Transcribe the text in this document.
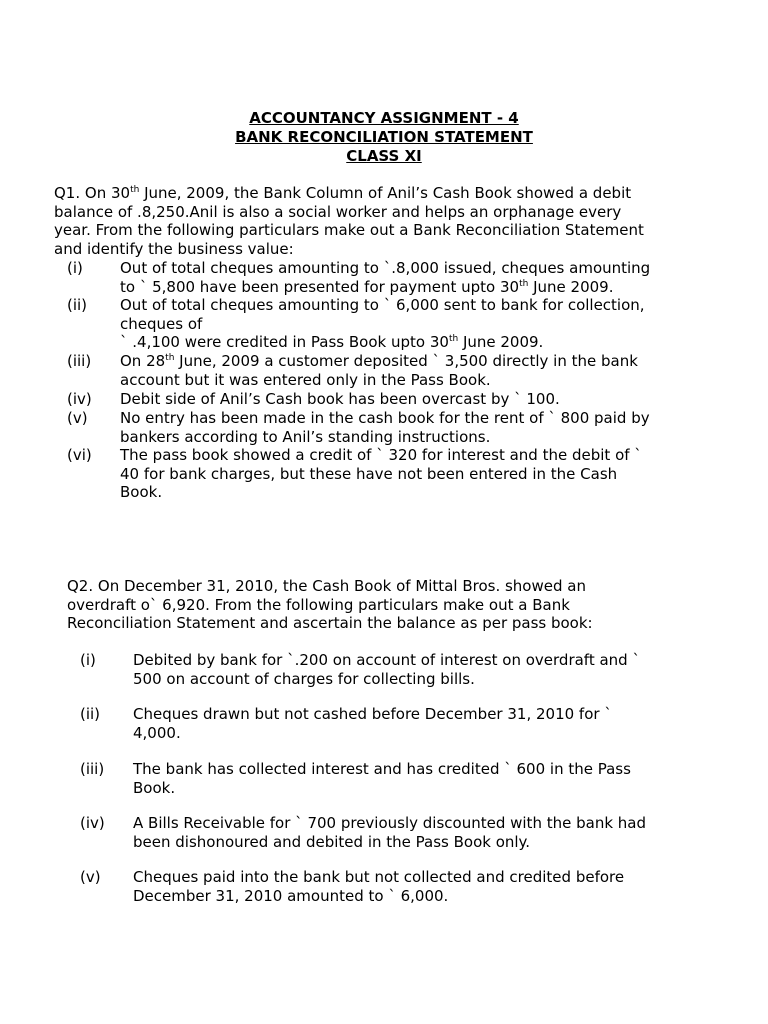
ACCOUNTANCY ASSIGNMENT - 4
BANK RECONCILIATION STATEMENT
CLASS XI
Q1. On 30th June, 2009, the Bank Column of Anil’s Cash Book showed a debit
balance of .8,250.Anil is also a social worker and helps an orphanage every
year. From the following particulars make out a Bank Reconciliation Statement
and identify the business value:
(i) Out of total cheques amounting to `.8,000 issued, cheques amounting
to ` 5,800 have been presented for payment upto 30th June 2009.
(ii) Out of total cheques amounting to ` 6,000 sent to bank for collection,
cheques of
` .4,100 were credited in Pass Book upto 30th June 2009.
(iii) On 28th June, 2009 a customer deposited ` 3,500 directly in the bank
account but it was entered only in the Pass Book.
(iv) Debit side of Anil’s Cash book has been overcast by ` 100.
(v) No entry has been made in the cash book for the rent of ` 800 paid by
bankers according to Anil’s standing instructions.
(vi) The pass book showed a credit of ` 320 for interest and the debit of `
40 for bank charges, but these have not been entered in the Cash
Book.
Q2. On December 31, 2010, the Cash Book of Mittal Bros. showed an
overdraft o` 6,920. From the following particulars make out a Bank
Reconciliation Statement and ascertain the balance as per pass book:
(i) Debited by bank for `.200 on account of interest on overdraft and `
500 on account of charges for collecting bills.
(ii) Cheques drawn but not cashed before December 31, 2010 for `
4,000.
(iii) The bank has collected interest and has credited ` 600 in the Pass
Book.
(iv) A Bills Receivable for ` 700 previously discounted with the bank had
been dishonoured and debited in the Pass Book only.
(v) Cheques paid into the bank but not collected and credited before
December 31, 2010 amounted to ` 6,000.
